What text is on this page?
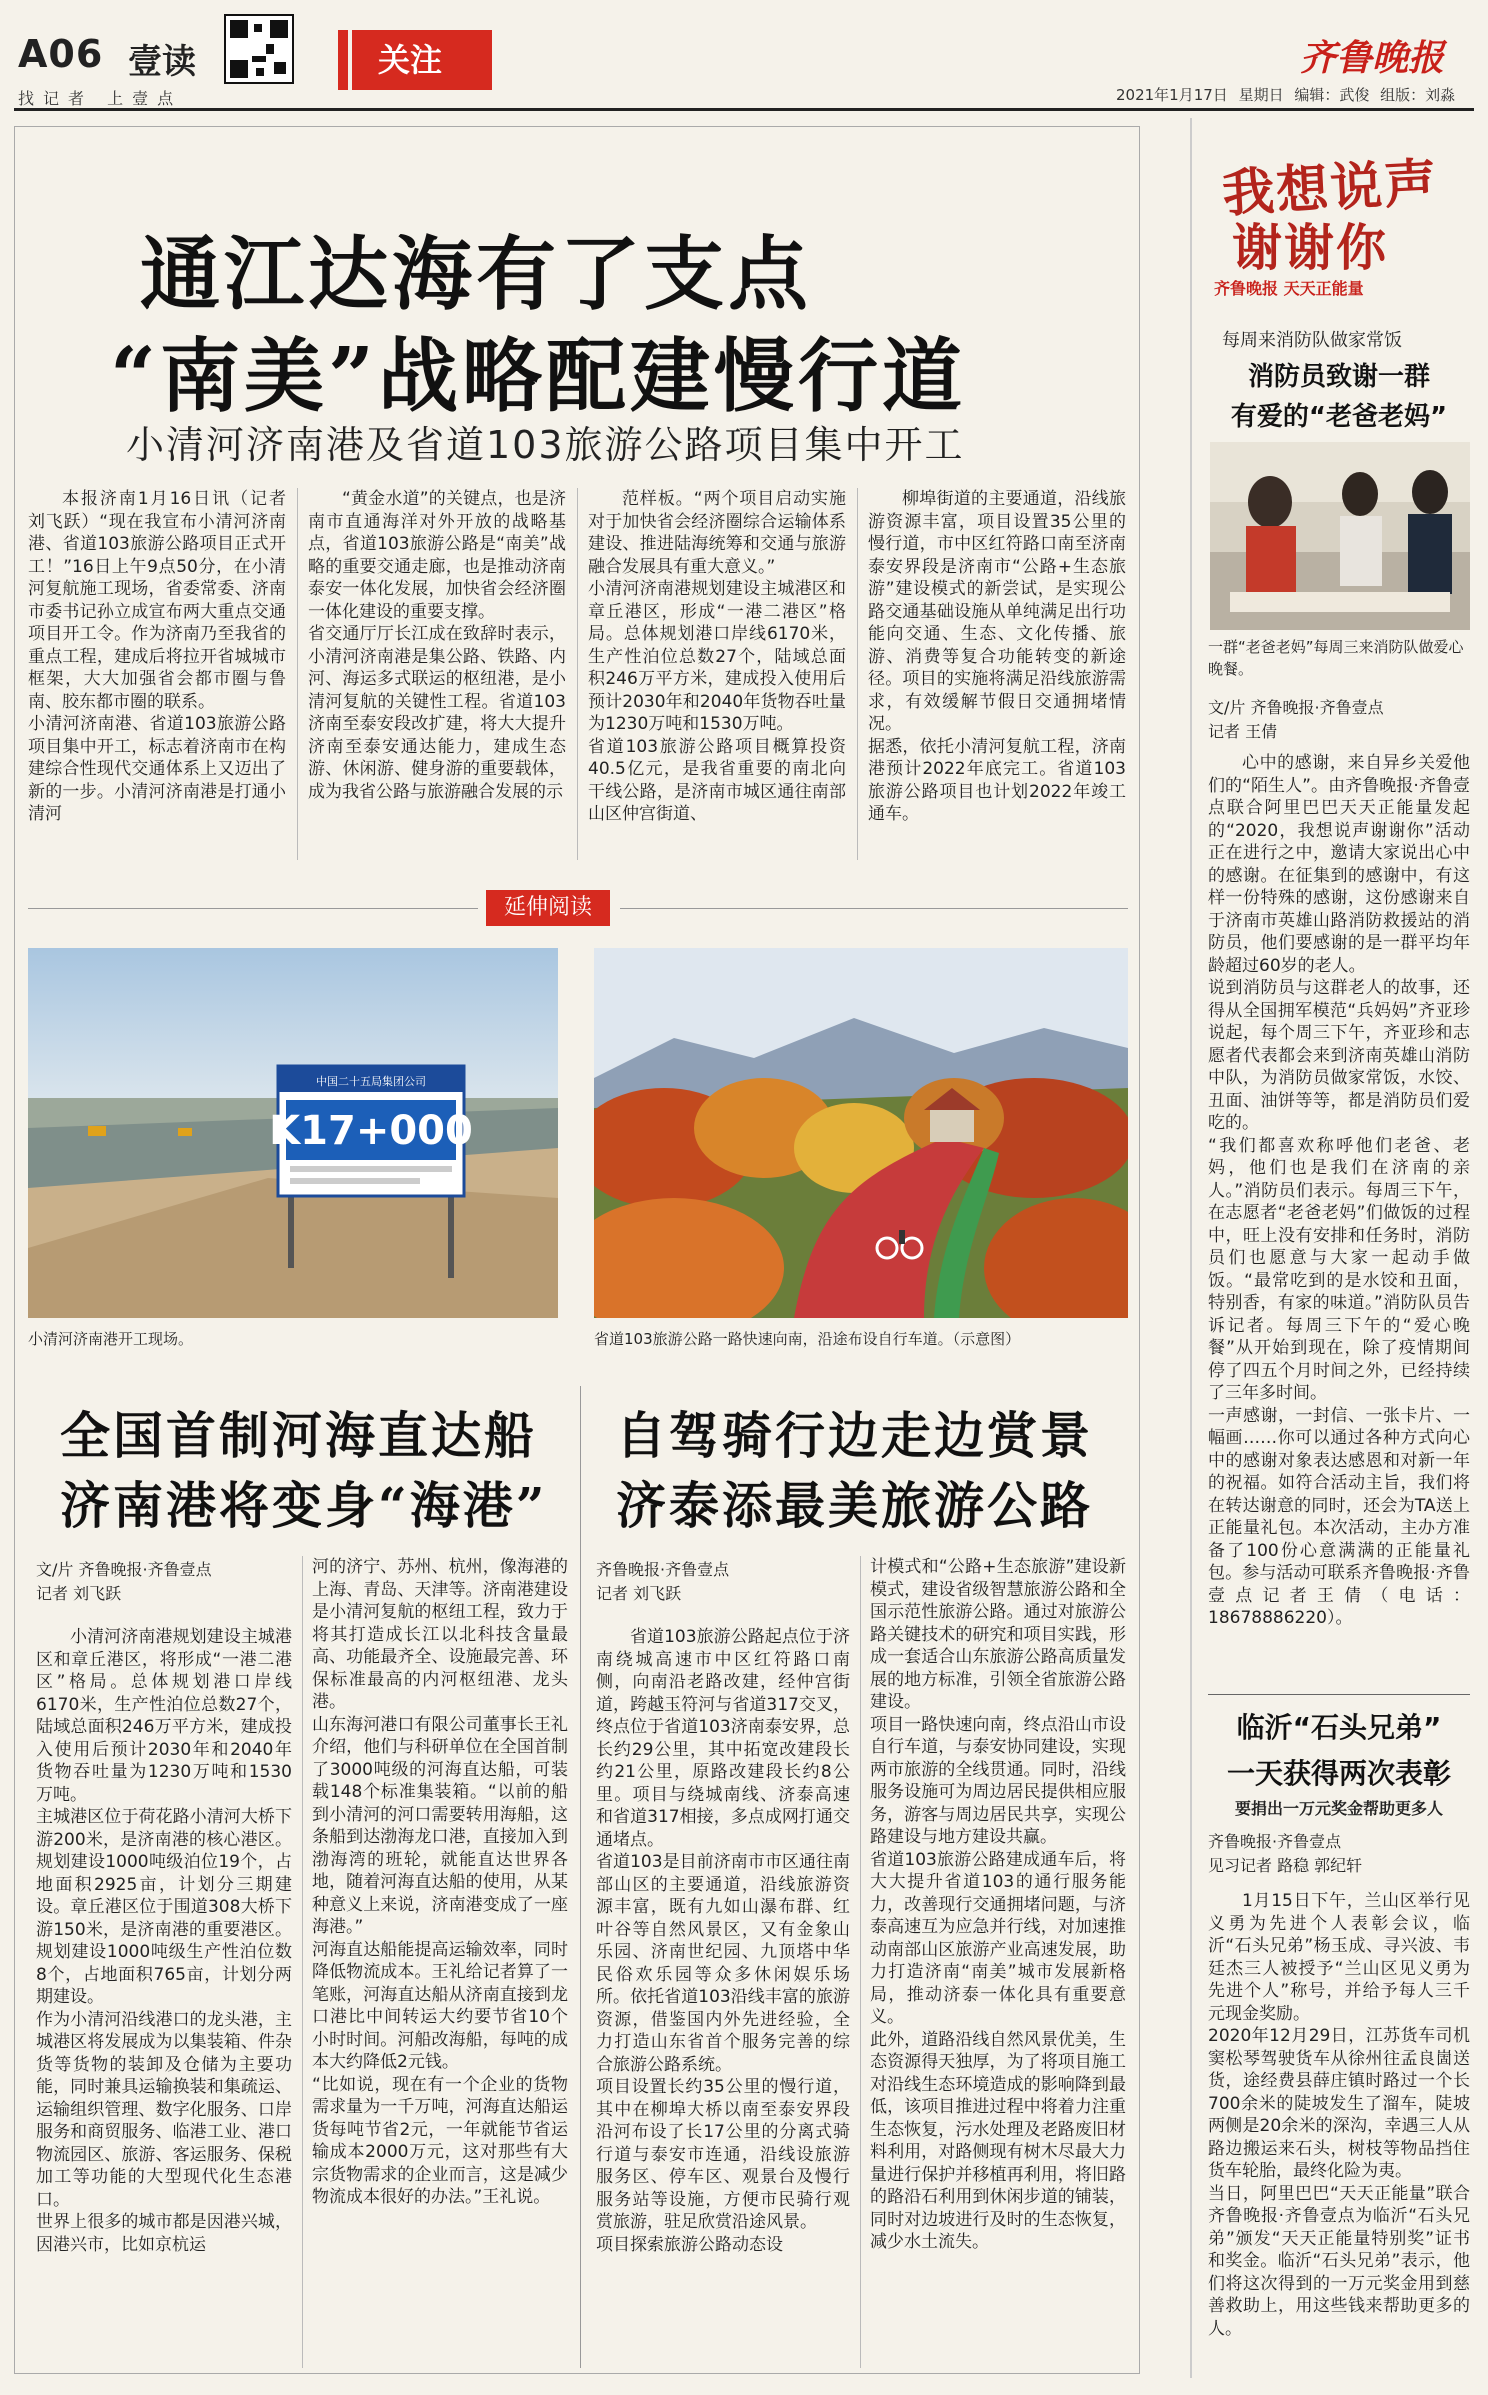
A06 壹读
找记者 上壹点
关注	齐鲁晚报
2021年1月17日 星期日 编辑：武俊 组版：刘淼
通江达海有了支点
“南美”战略配建慢行道
小清河济南港及省道103旅游公路项目集中开工
本报济南1月16日讯（记者 刘飞跃）“现在我宣布小清河济南港、省道103旅游公路项目正式开工！”16日上午9点50分，在小清河复航施工现场，省委常委、济南市委书记孙立成宣布两大重点交通项目开工令。作为济南乃至我省的重点工程，建成后将拉开省城城市框架，大大加强省会都市圈与鲁南、胶东都市圈的联系。
小清河济南港、省道103旅游公路项目集中开工，标志着济南市在构建综合性现代交通体系上又迈出了新的一步。小清河济南港是打通小清河
“黄金水道”的关键点，也是济南市直通海洋对外开放的战略基点，省道103旅游公路是“南美”战略的重要交通走廊，也是推动济南泰安一体化发展，加快省会经济圈一体化建设的重要支撑。
省交通厅厅长江成在致辞时表示，小清河济南港是集公路、铁路、内河、海运多式联运的枢纽港，是小清河复航的关键性工程。省道103济南至泰安段改扩建，将大大提升济南至泰安通达能力，建成生态游、休闲游、健身游的重要载体，成为我省公路与旅游融合发展的示
范样板。“两个项目启动实施对于加快省会经济圈综合运输体系建设、推进陆海统筹和交通与旅游融合发展具有重大意义。”
小清河济南港规划建设主城港区和章丘港区，形成“一港二港区”格局。总体规划港口岸线6170米，生产性泊位总数27个，陆域总面积246万平方米，建成投入使用后预计2030年和2040年货物吞吐量为1230万吨和1530万吨。
省道103旅游公路项目概算投资40.5亿元，是我省重要的南北向干线公路，是济南市城区通往南部山区仲宫街道、
柳埠街道的主要通道，沿线旅游资源丰富，项目设置35公里的慢行道，市中区红符路口南至济南泰安界段是济南市“公路+生态旅游”建设模式的新尝试，是实现公路交通基础设施从单纯满足出行功能向交通、生态、文化传播、旅游、消费等复合功能转变的新途径。项目的实施将满足沿线旅游需求，有效缓解节假日交通拥堵情况。
据悉，依托小清河复航工程，济南港预计2022年底完工。省道103旅游公路项目也计划2022年竣工通车。
延伸阅读
中国二十五局集团公司
K17+000
小清河济南港开工现场。	省道103旅游公路一路快速向南，沿途布设自行车道。（示意图）
全国首制河海直达船
济南港将变身“海港”
文/片 齐鲁晚报·齐鲁壹点
记者 刘飞跃
小清河济南港规划建设主城港区和章丘港区，将形成“一港二港区”格局。总体规划港口岸线6170米，生产性泊位总数27个，陆域总面积246万平方米，建成投入使用后预计2030年和2040年货物吞吐量为1230万吨和1530万吨。
主城港区位于荷花路小清河大桥下游200米，是济南港的核心港区。规划建设1000吨级泊位19个，占地面积2925亩，计划分三期建设。章丘港区位于围道308大桥下游150米，是济南港的重要港区。规划建设1000吨级生产性泊位数8个，占地面积765亩，计划分两期建设。
作为小清河沿线港口的龙头港，主城港区将发展成为以集装箱、件杂货等货物的装卸及仓储为主要功能，同时兼具运输换装和集疏运、运输组织管理、数字化服务、口岸服务和商贸服务、临港工业、港口物流园区、旅游、客运服务、保税加工等功能的大型现代化生态港口。
世界上很多的城市都是因港兴城，因港兴市，比如京杭运
河的济宁、苏州、杭州，像海港的上海、青岛、天津等。济南港建设是小清河复航的枢纽工程，致力于将其打造成长江以北科技含量最高、功能最齐全、设施最完善、环保标准最高的内河枢纽港、龙头港。
山东海河港口有限公司董事长王礼介绍，他们与科研单位在全国首制了3000吨级的河海直达船，可装载148个标准集装箱。“以前的船到小清河的河口需要转用海船，这条船到达渤海龙口港，直接加入到渤海湾的班轮，就能直达世界各地，随着河海直达船的使用，从某种意义上来说，济南港变成了一座海港。”
河海直达船能提高运输效率，同时降低物流成本。王礼给记者算了一笔账，河海直达船从济南直接到龙口港比中间转运大约要节省10个小时时间。河船改海船，每吨的成本大约降低2元钱。
“比如说，现在有一个企业的货物需求量为一千万吨，河海直达船运货每吨节省2元，一年就能节省运输成本2000万元，这对那些有大宗货物需求的企业而言，这是减少物流成本很好的办法。”王礼说。
自驾骑行边走边赏景
济泰添最美旅游公路
齐鲁晚报·齐鲁壹点
记者 刘飞跃
省道103旅游公路起点位于济南绕城高速市中区红符路口南侧，向南沿老路改建，经仲宫街道，跨越玉符河与省道317交叉，终点位于省道103济南泰安界，总长约29公里，其中拓宽改建段长约21公里，原路改建段长约8公里。项目与绕城南线、济泰高速和省道317相接，多点成网打通交通堵点。
省道103是目前济南市市区通往南部山区的主要通道，沿线旅游资源丰富，既有九如山瀑布群、红叶谷等自然风景区，又有金象山乐园、济南世纪园、九顶塔中华民俗欢乐园等众多休闲娱乐场所。依托省道103沿线丰富的旅游资源，借鉴国内外先进经验，全力打造山东省首个服务完善的综合旅游公路系统。
项目设置长约35公里的慢行道，其中在柳埠大桥以南至泰安界段沿河布设了长17公里的分离式骑行道与泰安市连通，沿线设旅游服务区、停车区、观景台及慢行服务站等设施，方便市民骑行观赏旅游，驻足欣赏沿途风景。
项目探索旅游公路动态设
计模式和“公路+生态旅游”建设新模式，建设省级智慧旅游公路和全国示范性旅游公路。通过对旅游公路关键技术的研究和项目实践，形成一套适合山东旅游公路高质量发展的地方标准，引领全省旅游公路建设。
项目一路快速向南，终点沿山市设自行车道，与泰安协同建设，实现两市旅游的全线贯通。同时，沿线服务设施可为周边居民提供相应服务，游客与周边居民共享，实现公路建设与地方建设共赢。
省道103旅游公路建成通车后，将大大提升省道103的通行服务能力，改善现行交通拥堵问题，与济泰高速互为应急并行线，对加速推动南部山区旅游产业高速发展，助力打造济南“南美”城市发展新格局，推动济泰一体化具有重要意义。
此外，道路沿线自然风景优美，生态资源得天独厚，为了将项目施工对沿线生态环境造成的影响降到最低，该项目推进过程中将着力注重生态恢复，污水处理及老路废旧材料利用，对路侧现有树木尽最大力量进行保护并移植再利用，将旧路的路沿石利用到休闲步道的铺装，同时对边坡进行及时的生态恢复，减少水土流失。
我想说声
谢谢你
齐鲁晚报 天天正能量
每周来消防队做家常饭
消防员致谢一群
有爱的“老爸老妈”
一群“老爸老妈”每周三来消防队做爱心晚餐。
文/片 齐鲁晚报·齐鲁壹点
记者 王倩
心中的感谢，来自异乡关爱他们的“陌生人”。由齐鲁晚报·齐鲁壹点联合阿里巴巴天天正能量发起的“2020，我想说声谢谢你”活动正在进行之中，邀请大家说出心中的感谢。在征集到的感谢中，有这样一份特殊的感谢，这份感谢来自于济南市英雄山路消防救援站的消防员，他们要感谢的是一群平均年龄超过60岁的老人。
说到消防员与这群老人的故事，还得从全国拥军模范“兵妈妈”齐亚珍说起，每个周三下午，齐亚珍和志愿者代表都会来到济南英雄山消防中队，为消防员做家常饭，水饺、丑面、油饼等等，都是消防员们爱吃的。
“我们都喜欢称呼他们老爸、老妈，他们也是我们在济南的亲人。”消防员们表示。每周三下午，在志愿者“老爸老妈”们做饭的过程中，旺上没有安排和任务时，消防员们也愿意与大家一起动手做饭。“最常吃到的是水饺和丑面，特别香，有家的味道。”消防队员告诉记者。每周三下午的“爱心晚餐”从开始到现在，除了疫情期间停了四五个月时间之外，已经持续了三年多时间。
一声感谢，一封信、一张卡片、一幅画……你可以通过各种方式向心中的感谢对象表达感恩和对新一年的祝福。如符合活动主旨，我们将在转达谢意的同时，还会为TA送上正能量礼包。本次活动，主办方准备了100份心意满满的正能量礼包。参与活动可联系齐鲁晚报·齐鲁壹点记者王倩（电话：18678886220）。
临沂“石头兄弟”
一天获得两次表彰
要捐出一万元奖金帮助更多人
齐鲁晚报·齐鲁壹点
见习记者 路稳 郭纪轩
1月15日下午，兰山区举行见义勇为先进个人表彰会议，临沂“石头兄弟”杨玉成、寻兴波、韦廷杰三人被授予“兰山区见义勇为先进个人”称号，并给予每人三千元现金奖励。
2020年12月29日，江苏货车司机窦松琴驾驶货车从徐州往孟良崮送货，途经费县薛庄镇时路过一个长700余米的陡坡发生了溜车，陡坡两侧是20余米的深沟，幸遇三人从路边搬运来石头，树枝等物品挡住货车轮胎，最终化险为夷。
当日，阿里巴巴“天天正能量”联合齐鲁晚报·齐鲁壹点为临沂“石头兄弟”颁发“天天正能量特别奖”证书和奖金。临沂“石头兄弟”表示，他们将这次得到的一万元奖金用到慈善救助上，用这些钱来帮助更多的人。
